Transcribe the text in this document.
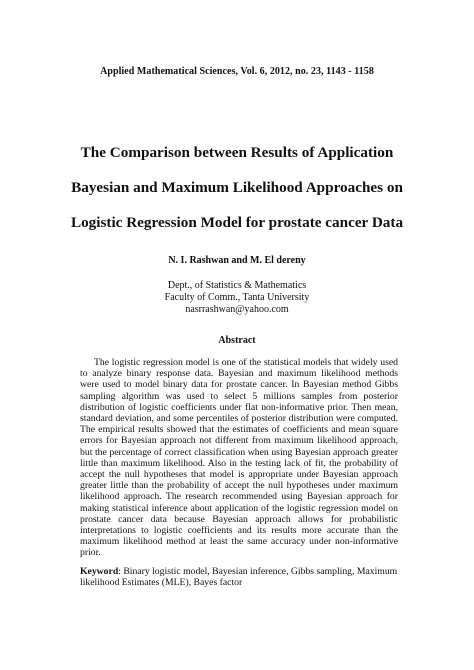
Applied Mathematical Sciences, Vol. 6, 2012, no. 23, 1143 - 1158
The Comparison between Results of Application
Bayesian and Maximum Likelihood Approaches on
Logistic Regression Model for prostate cancer Data
N. I. Rashwan and M. El dereny
Dept., of Statistics & Mathematics
Faculty of Comm., Tanta University
nasrrashwan@yahoo.com
Abstract

The logistic regression model is one of the statistical models that widely used to analyze binary response data. Bayesian and maximum likelihood methods were used to model binary data for prostate cancer. In Bayesian method Gibbs sampling algorithm was used to select 5 millions samples from posterior distribution of logistic coefficients under flat non-informative prior. Then mean, standard deviation, and some percentiles of posterior distribution were computed. The empirical results showed that the estimates of coefficients and mean square errors for Bayesian approach not different from maximum likelihood approach, but the percentage of correct classification when using Bayesian approach greater little than maximum likelihood. Also in the testing lack of fit, the probability of accept the null hypotheses that model is appropriate under Bayesian approach greater little than the probability of accept the null hypotheses under maximum likelihood approach. The research recommended using Bayesian approach for making statistical inference about application of the logistic regression model on prostate cancer data because Bayesian approach allows for probabilistic interpretations to logistic coefficients and its results more accurate than the maximum likelihood method at least the same accuracy under non-informative prior.

Keyword: Binary logistic model, Bayesian inference, Gibbs sampling, Maximum likelihood Estimates (MLE), Bayes factor
